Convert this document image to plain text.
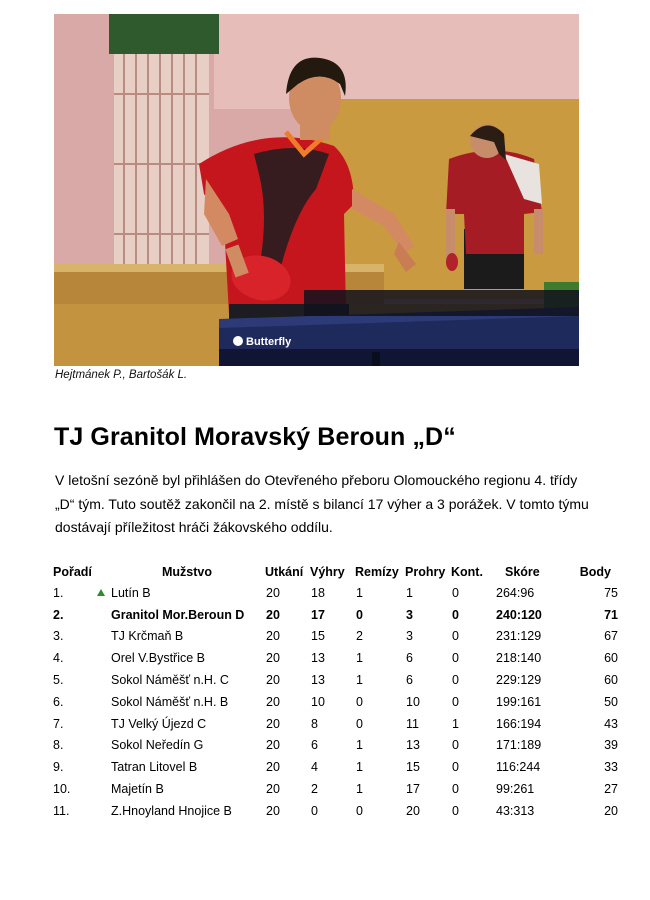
Butterfly
Hejtmánek P., Bartošák L.
TJ Granitol Moravský Beroun „D“

V letošní sezóně byl přihlášen do Otevřeného přeboru Olomouckého regionu 4. třídy „D“ tým. Tuto soutěž zakončil na 2. místě s bilancí 17 výher a 3 porážek. V tomto týmu dostávají příležitost hráči žákovského oddílu.

Pořadí	Mužstvo	Utkání	Výhry	Remízy	Prohry	Kont.	Skóre	Body
1.	Lutín B	20	18	1	1	0	264:96	75
2.	Granitol Mor.Beroun D	20	17	0	3	0	240:120	71
3.	TJ Krčmaň B	20	15	2	3	0	231:129	67
4.	Orel V.Bystřice B	20	13	1	6	0	218:140	60
5.	Sokol Náměšť n.H. C	20	13	1	6	0	229:129	60
6.	Sokol Náměšť n.H. B	20	10	0	10	0	199:161	50
7.	TJ Velký Újezd C	20	8	0	11	1	166:194	43
8.	Sokol Neředín G	20	6	1	13	0	171:189	39
9.	Tatran Litovel B	20	4	1	15	0	116:244	33
10.	Majetín B	20	2	1	17	0	99:261	27
11.	Z.Hnoyland Hnojice B	20	0	0	20	0	43:313	20
